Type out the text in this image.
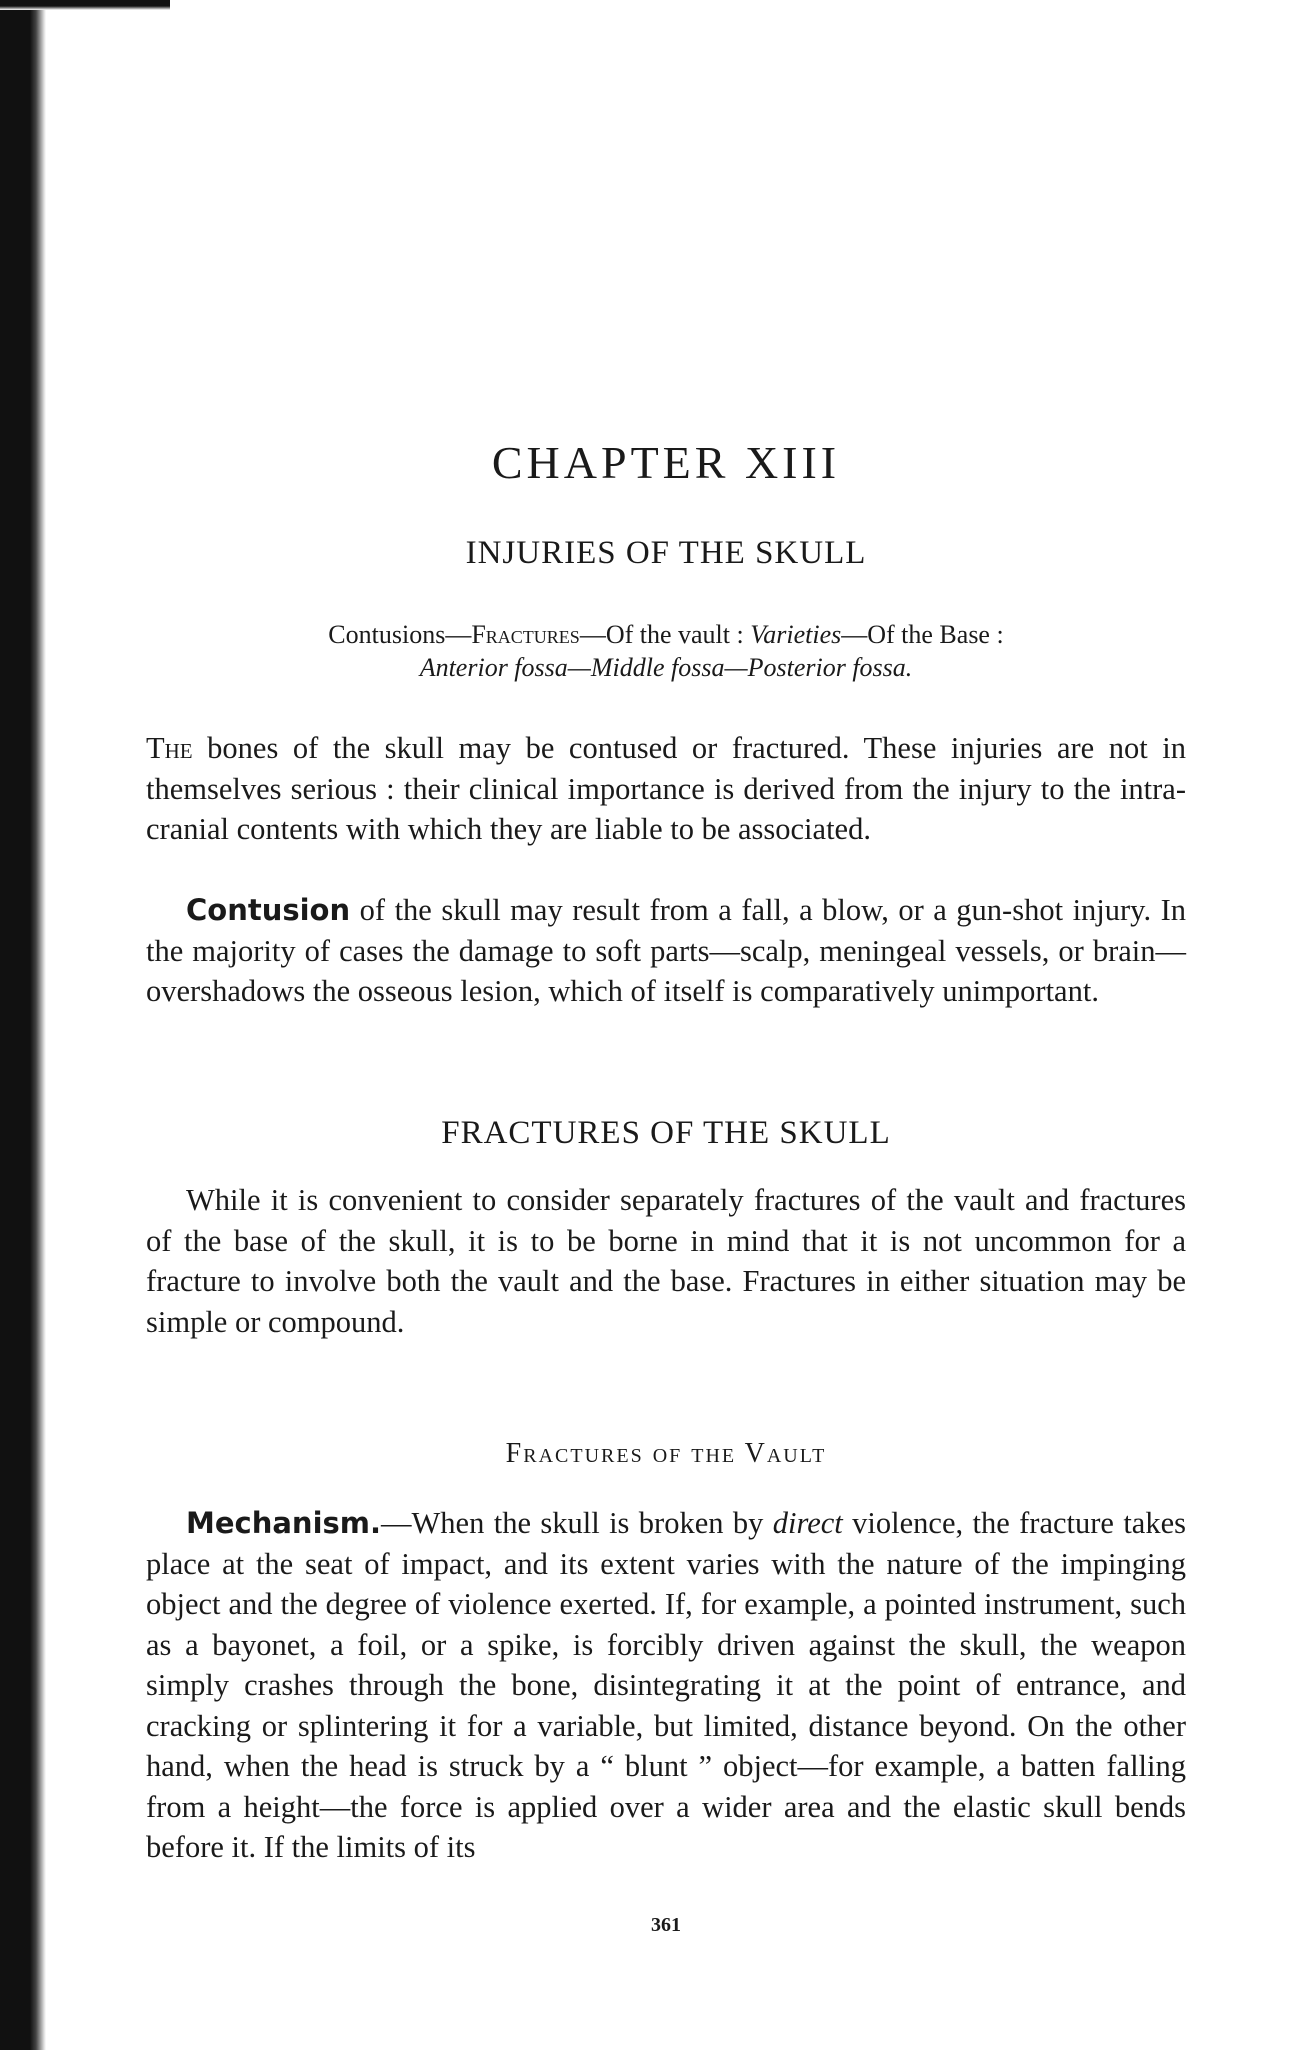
CHAPTER XIII
INJURIES OF THE SKULL
Contusions—Fractures—Of the vault : Varieties—Of the Base :
Anterior fossa—Middle fossa—Posterior fossa.

The bones of the skull may be contused or fractured. These injuries are not in themselves serious : their clinical importance is derived from the injury to the intra-cranial contents with which they are liable to be associated.

Contusion of the skull may result from a fall, a blow, or a gun-shot injury. In the majority of cases the damage to soft parts—scalp, meningeal vessels, or brain—overshadows the osseous lesion, which of itself is comparatively unimportant.

FRACTURES OF THE SKULL

While it is convenient to consider separately fractures of the vault and fractures of the base of the skull, it is to be borne in mind that it is not uncommon for a fracture to involve both the vault and the base. Fractures in either situation may be simple or compound.

Fractures of the Vault

Mechanism.—When the skull is broken by direct violence, the fracture takes place at the seat of impact, and its extent varies with the nature of the impinging object and the degree of violence exerted. If, for example, a pointed instrument, such as a bayonet, a foil, or a spike, is forcibly driven against the skull, the weapon simply crashes through the bone, disintegrating it at the point of entrance, and cracking or splintering it for a variable, but limited, distance beyond. On the other hand, when the head is struck by a “ blunt ” object—for example, a batten falling from a height—the force is applied over a wider area and the elastic skull bends before it. If the limits of its

361
